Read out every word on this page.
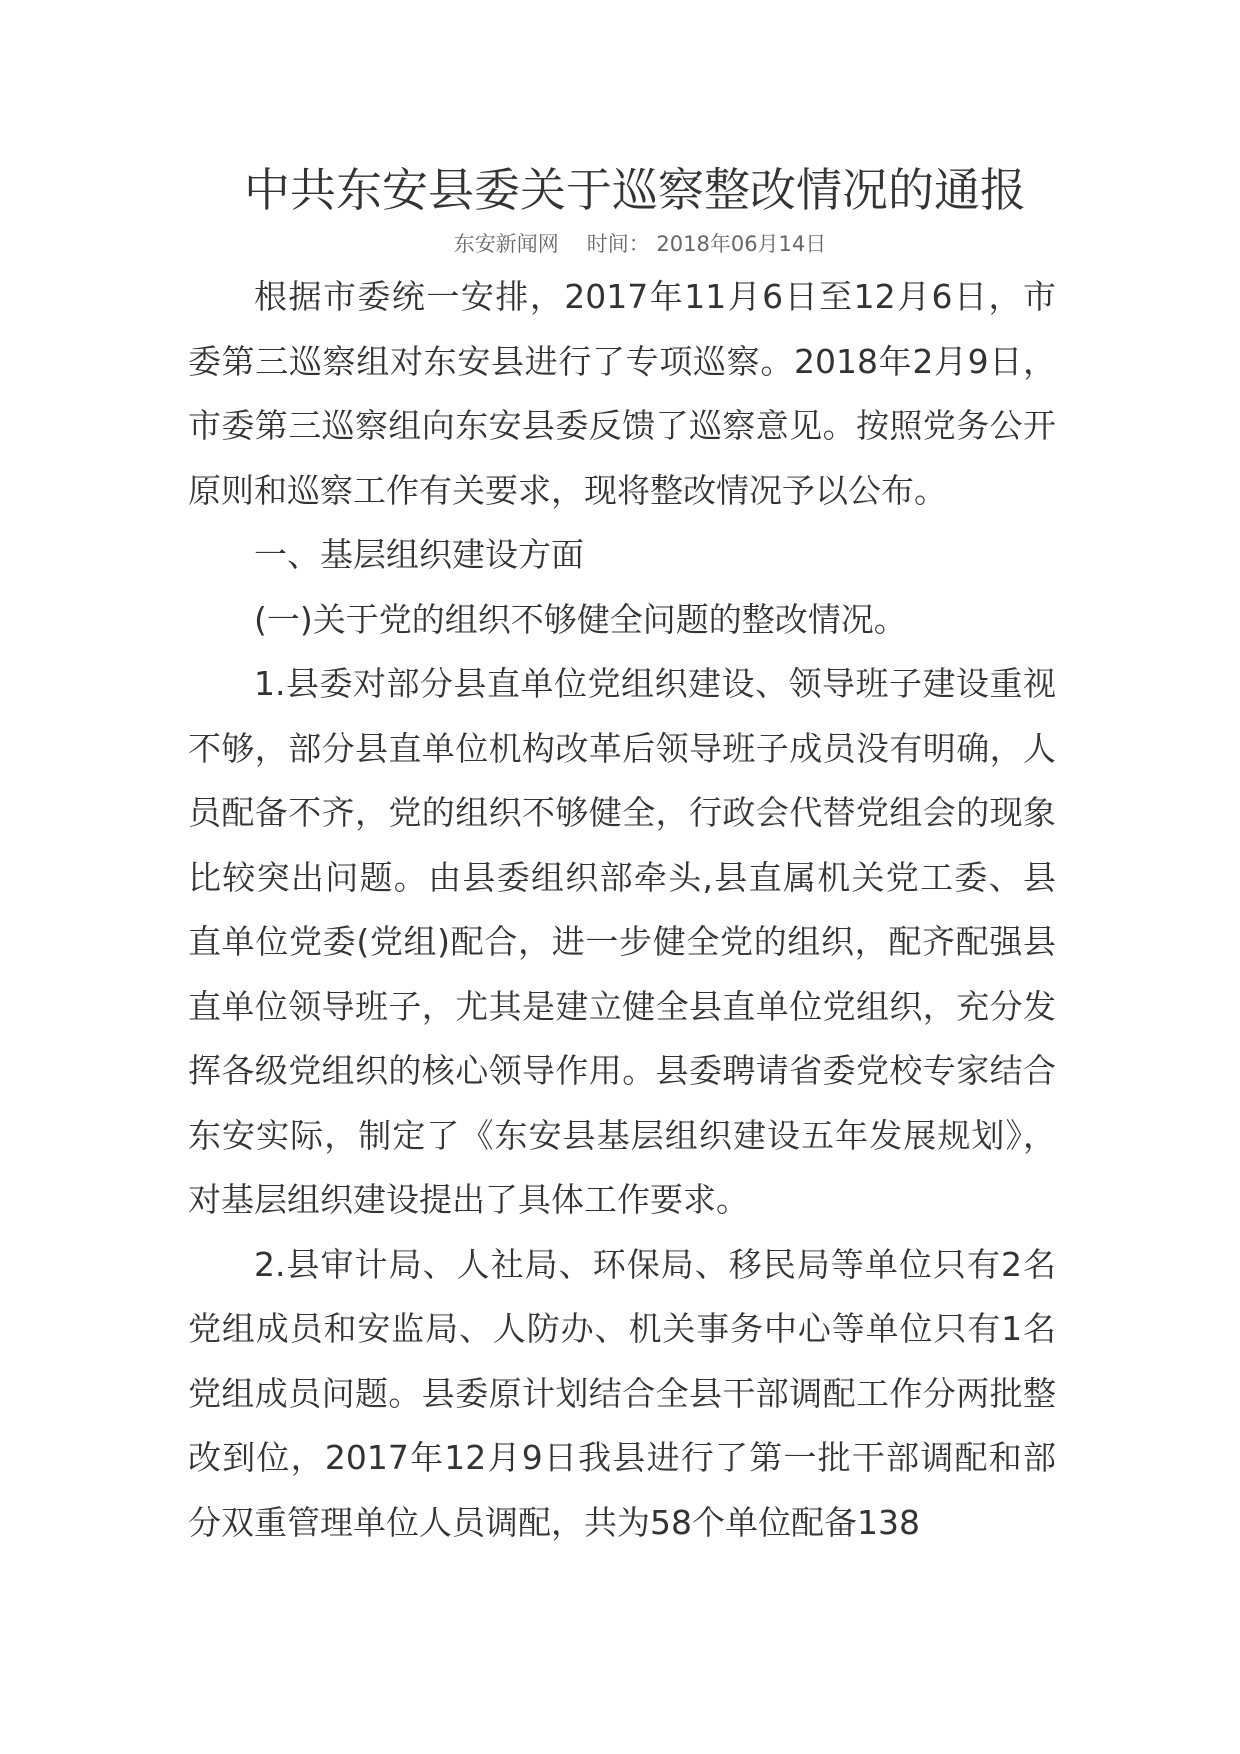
中共东安县委关于巡察整改情况的通报
东安新闻网 时间： 2018年06月14日

根据市委统一安排，2017年11月6日至12月6日，市委第三巡察组对东安县进行了专项巡察。2018年2月9日，市委第三巡察组向东安县委反馈了巡察意见。按照党务公开原则和巡察工作有关要求，现将整改情况予以公布。

一、基层组织建设方面

(一)关于党的组织不够健全问题的整改情况。

1.县委对部分县直单位党组织建设、领导班子建设重视不够，部分县直单位机构改革后领导班子成员没有明确，人员配备不齐，党的组织不够健全，行政会代替党组会的现象比较突出问题。由县委组织部牵头,县直属机关党工委、县直单位党委(党组)配合，进一步健全党的组织，配齐配强县直单位领导班子，尤其是建立健全县直单位党组织，充分发挥各级党组织的核心领导作用。县委聘请省委党校专家结合东安实际，制定了《东安县基层组织建设五年发展规划》，对基层组织建设提出了具体工作要求。

2.县审计局、人社局、环保局、移民局等单位只有2名党组成员和安监局、人防办、机关事务中心等单位只有1名党组成员问题。县委原计划结合全县干部调配工作分两批整改到位，2017年12月9日我县进行了第一批干部调配和部分双重管理单位人员调配，共为58个单位配备138
